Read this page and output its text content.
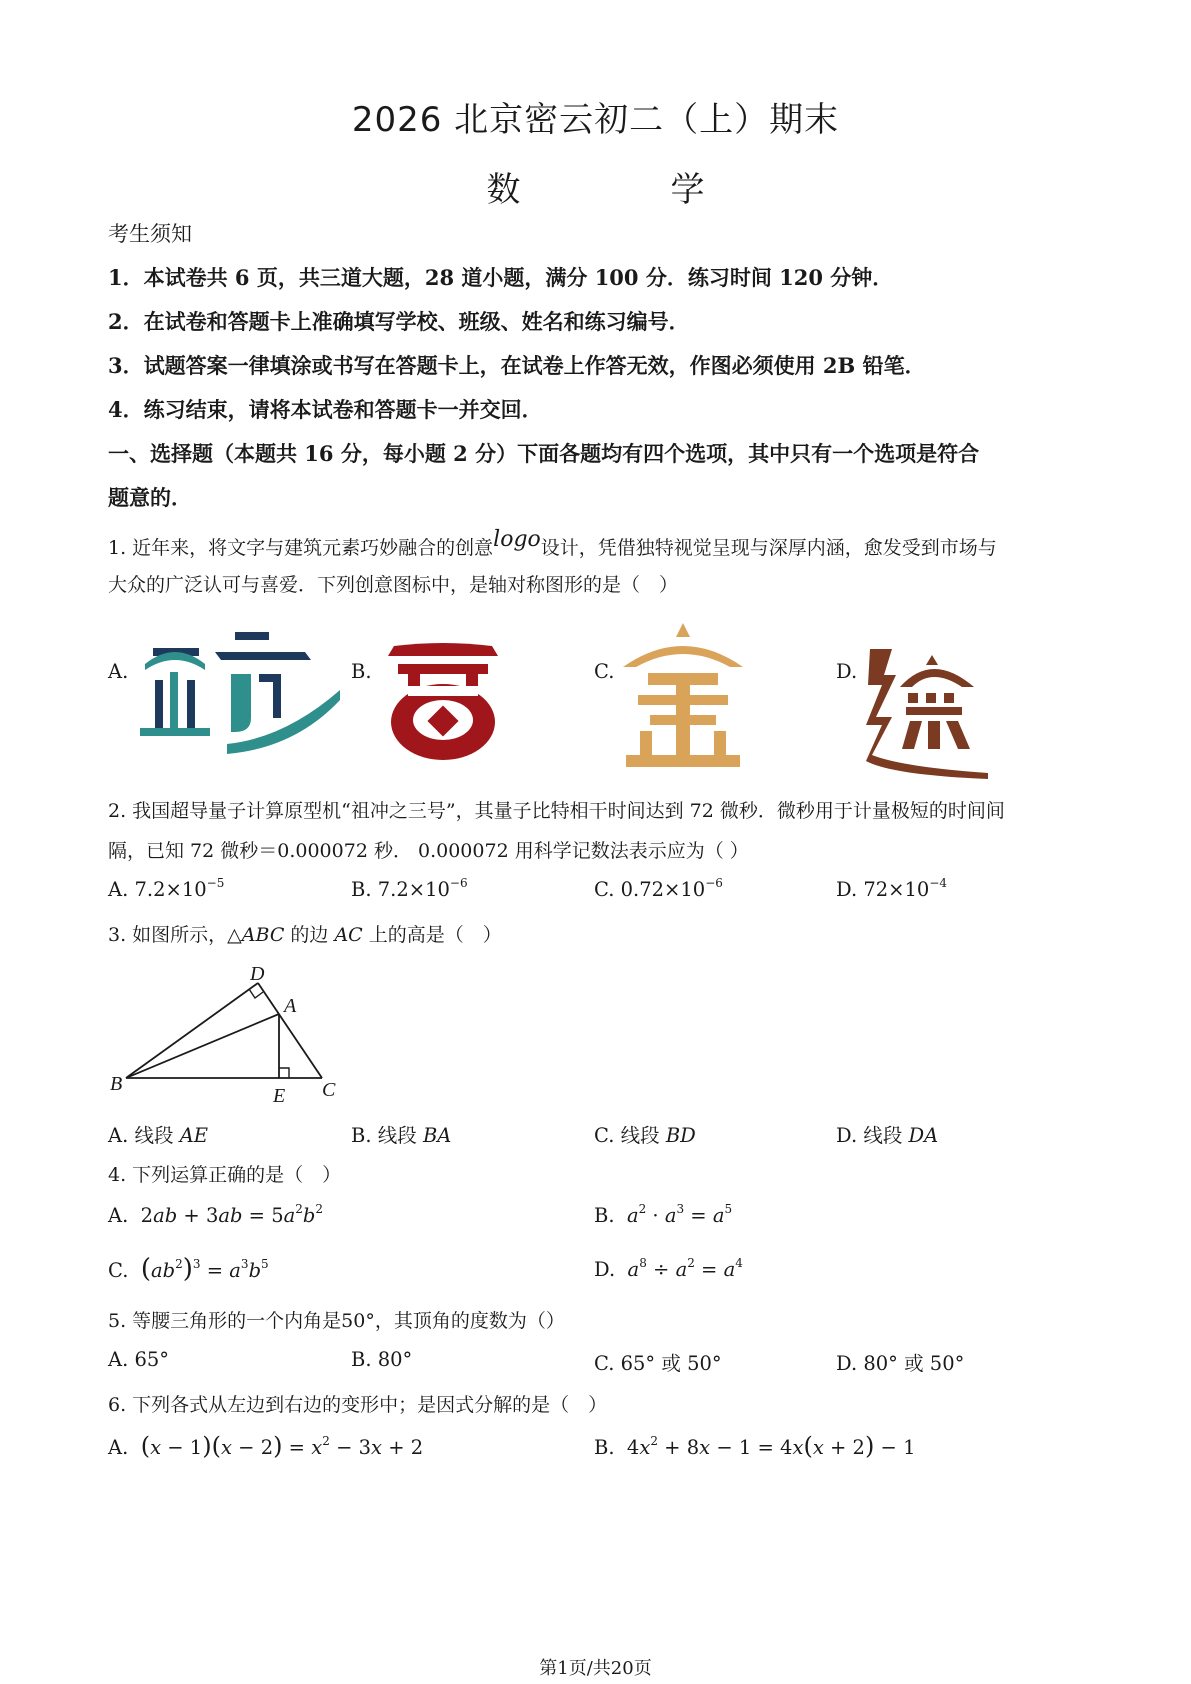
2026 北京密云初二（上）期末
数　学
考生须知
1．本试卷共 6 页，共三道大题，28 道小题，满分 100 分．练习时间 120 分钟．
2．在试卷和答题卡上准确填写学校、班级、姓名和练习编号．
3．试题答案一律填涂或书写在答题卡上，在试卷上作答无效，作图必须使用 2B 铅笔．
4．练习结束，请将本试卷和答题卡一并交回．
一、选择题（本题共 16 分，每小题 2 分）下面各题均有四个选项，其中只有一个选项是符合
题意的．
1. 近年来，将文字与建筑元素巧妙融合的创意logo设计，凭借独特视觉呈现与深厚内涵，愈发受到市场与
大众的广泛认可与喜爱．下列创意图标中，是轴对称图形的是（　）
A.	B.	C.	D.
2. 我国超导量子计算原型机“祖冲之三号”，其量子比特相干时间达到 72 微秒．微秒用于计量极短的时间间
隔，已知 72 微秒＝0.000072 秒． 0.000072 用科学记数法表示应为（ ）
A. $7.2\times 10^{-5}$	B. $7.2\times 10^{-6}$	C. $0.72\times 10^{-6}$	D. $72\times 10^{-4}$
3. 如图所示，△ABC 的边 AC 上的高是（　）
D
A
B
E C
A. 线段 AE	B. 线段 BA	C. 线段 BD	D. 线段 DA
4. 下列运算正确的是（　）
A.  $2ab + 3ab = 5a^2b^2$	B.  $a^2 \cdot a^3 = a^5$
C.  $(ab^2)^3 = a^3b^5$	D.  $a^8 \div a^2 = a^4$
5. 等腰三角形的一个内角是50°，其顶角的度数为（）
A. 65°	B. 80°	C. 65° 或 50°	D. 80° 或 50°
6. 下列各式从左边到右边的变形中；是因式分解的是（　）
A.  $(x - 1)(x - 2) = x^2 - 3x + 2$	B.  $4x^2 + 8x - 1 = 4x(x + 2) - 1$
第1页/共20页
